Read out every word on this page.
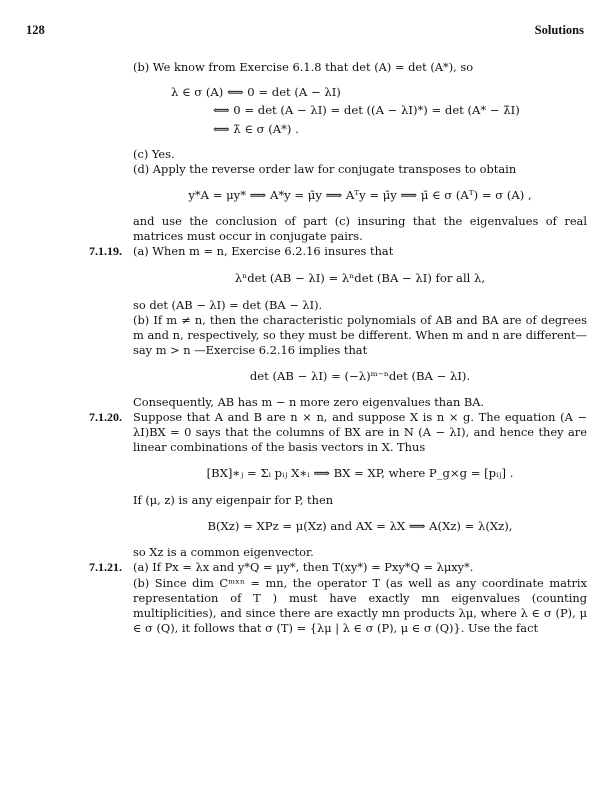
128	Solutions

(b) We know from Exercise 6.1.8 that det (A) = det (A*), so

λ ∈ σ (A) ⟺ 0 = det (A − λI)
⟺ 0 = det (A − λI) = det ((A − λI)*) = det (A* − λ̄I)
⟺ λ̄ ∈ σ (A*) .

(c) Yes.

(d) Apply the reverse order law for conjugate transposes to obtain

y*A = μy* ⟹ A*y = μ̄y ⟹ Aᵀy = μ̄y ⟹ μ̄ ∈ σ (Aᵀ) = σ (A) ,

and use the conclusion of part (c) insuring that the eigenvalues of real matrices must occur in conjugate pairs.

7.1.19. (a) When m = n, Exercise 6.2.16 insures that
λⁿdet (AB − λI) = λⁿdet (BA − λI) for all λ,

so det (AB − λI) = det (BA − λI).

(b) If m ≠ n, then the characteristic polynomials of AB and BA are of degrees m and n, respectively, so they must be different. When m and n are different—say m > n —Exercise 6.2.16 implies that

det (AB − λI) = (−λ)ᵐ⁻ⁿdet (BA − λI).

Consequently, AB has m − n more zero eigenvalues than BA.

7.1.20. Suppose that A and B are n × n, and suppose X is n × g. The equation (A − λI)BX = 0 says that the columns of BX are in N (A − λI), and hence they are linear combinations of the basis vectors in X. Thus
[BX]∗ⱼ = Σᵢ pᵢⱼ X∗ᵢ ⟹ BX = XP, where P_g×g = [pᵢⱼ] .

If (μ, z) is any eigenpair for P, then

B(Xz) = XPz = μ(Xz) and AX = λX ⟹ A(Xz) = λ(Xz),

so Xz is a common eigenvector.

7.1.21. (a) If Px = λx and y*Q = μy*, then T(xy*) = Pxy*Q = λμxy*.

(b) Since dim Cᵐˣⁿ = mn, the operator T (as well as any coordinate matrix representation of T ) must have exactly mn eigenvalues (counting multiplicities), and since there are exactly mn products λμ, where λ ∈ σ (P), μ ∈ σ (Q), it follows that σ (T) = {λμ | λ ∈ σ (P), μ ∈ σ (Q)}. Use the fact
